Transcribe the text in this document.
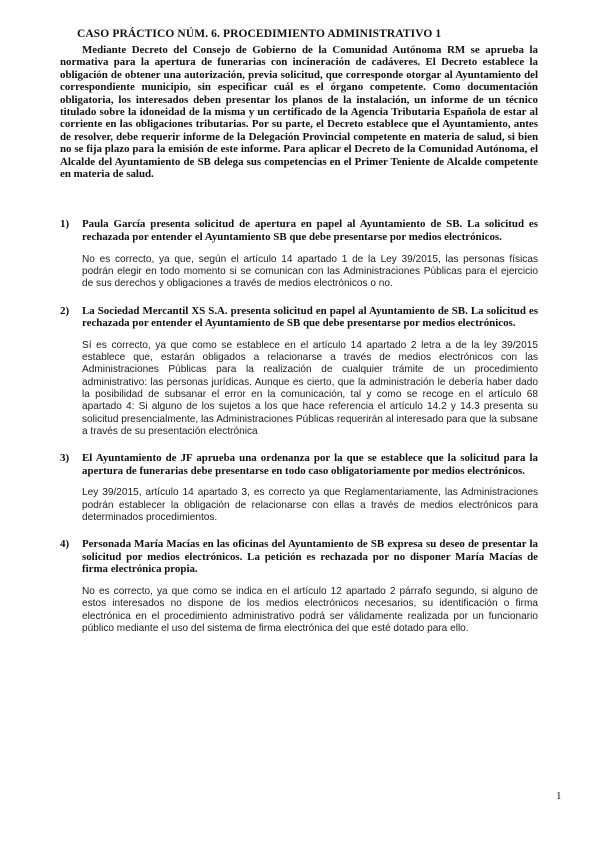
CASO PRÁCTICO NÚM. 6. PROCEDIMIENTO ADMINISTRATIVO 1

Mediante Decreto del Consejo de Gobierno de la Comunidad Autónoma RM se aprueba la normativa para la apertura de funerarias con incineración de cadáveres. El Decreto establece la obligación de obtener una autorización, previa solicitud, que corresponde otorgar al Ayuntamiento del correspondiente municipio, sin especificar cuál es el órgano competente. Como documentación obligatoria, los interesados deben presentar los planos de la instalación, un informe de un técnico titulado sobre la idoneidad de la misma y un certificado de la Agencia Tributaria Española de estar al corriente en las obligaciones tributarias. Por su parte, el Decreto establece que el Ayuntamiento, antes de resolver, debe requerir informe de la Delegación Provincial competente en materia de salud, si bien no se fija plazo para la emisión de este informe. Para aplicar el Decreto de la Comunidad Autónoma, el Alcalde del Ayuntamiento de SB delega sus competencias en el Primer Teniente de Alcalde competente en materia de salud.

1)	Paula García presenta solicitud de apertura en papel al Ayuntamiento de SB. La solicitud es rechazada por entender el Ayuntamiento SB que debe presentarse por medios electrónicos.
No es correcto, ya que, según el artículo 14 apartado 1 de la Ley 39/2015, las personas físicas podrán elegir en todo momento si se comunican con las Administraciones Públicas para el ejercicio de sus derechos y obligaciones a través de medios electrónicos o no.
2)	La Sociedad Mercantil XS S.A. presenta solicitud en papel al Ayuntamiento de SB. La solicitud es rechazada por entender el Ayuntamiento de SB que debe presentarse por medios electrónicos.
Sí es correcto, ya que como se establece en el artículo 14 apartado 2 letra a de la ley 39/2015 establece que, estarán obligados a relacionarse a través de medios electrónicos con las Administraciones Públicas para la realización de cualquier trámite de un procedimiento administrativo: las personas jurídicas. Aunque es cierto, que la administración le debería haber dado la posibilidad de subsanar el error en la comunicación, tal y como se recoge en el artículo 68 apartado 4: Si alguno de los sujetos a los que hace referencia el artículo 14.2 y 14.3 presenta su solicitud presencialmente, las Administraciones Públicas requerirán al interesado para que la subsane a través de su presentación electrónica
3)	El Ayuntamiento de JF aprueba una ordenanza por la que se establece que la solicitud para la apertura de funerarias debe presentarse en todo caso obligatoriamente por medios electrónicos.
Ley 39/2015, artículo 14 apartado 3, es correcto ya que Reglamentariamente, las Administraciones podrán establecer la obligación de relacionarse con ellas a través de medios electrónicos para determinados procedimientos.
4)	Personada María Macías en las oficinas del Ayuntamiento de SB expresa su deseo de presentar la solicitud por medios electrónicos. La petición es rechazada por no disponer María Macías de firma electrónica propia.
No es correcto, ya que como se indica en el artículo 12 apartado 2 párrafo segundo, si alguno de estos interesados no dispone de los medios electrónicos necesarios, su identificación o firma electrónica en el procedimiento administrativo podrá ser válidamente realizada por un funcionario público mediante el uso del sistema de firma electrónica del que esté dotado para ello.
1
